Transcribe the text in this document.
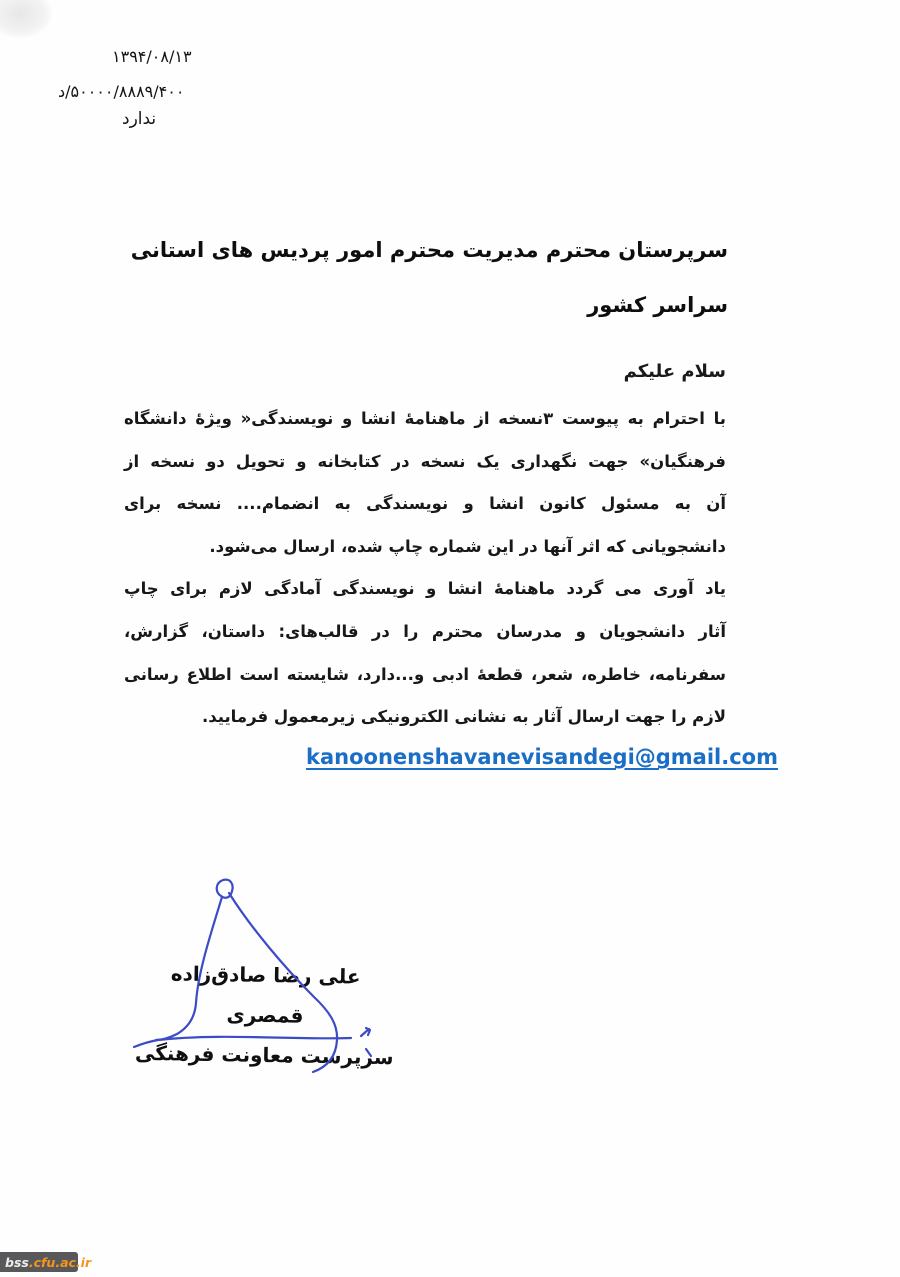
۱۳۹۴/۰۸/۱۳
۵۰۰۰۰/۸۸۸۹/۴۰۰/د
ندارد
سرپرستان محترم مدیریت محترم امور پردیس های استانی
سراسر کشور
سلام علیکم
با احترام به پیوست ۳نسخه از ماهنامهٔ انشا و نویسندگی« ویژهٔ دانشگاه
فرهنگیان» جهت نگهداری یک نسخه در کتابخانه و تحویل دو نسخه از
آن به مسئول کانون انشا و نویسندگی به انضمام.... نسخه برای
دانشجویانی که اثر آنها در این شماره چاپ شده، ارسال می‌شود.
یاد آوری می گردد ماهنامهٔ انشا و نویسندگی آمادگی لازم برای چاپ
آثار دانشجویان و مدرسان محترم را در قالب‌های: داستان، گزارش،
سفرنامه، خاطره، شعر، قطعهٔ ادبی و...دارد، شایسته است اطلاع رسانی
لازم را جهت ارسال آثار به نشانی الکترونیکی زیرمعمول فرمایید.
kanoonenshavanevisandegi@gmail.com
علی رضا صادق‌زاده قمصری
سرپرست معاونت فرهنگی
bss .cfu.ac.ir
